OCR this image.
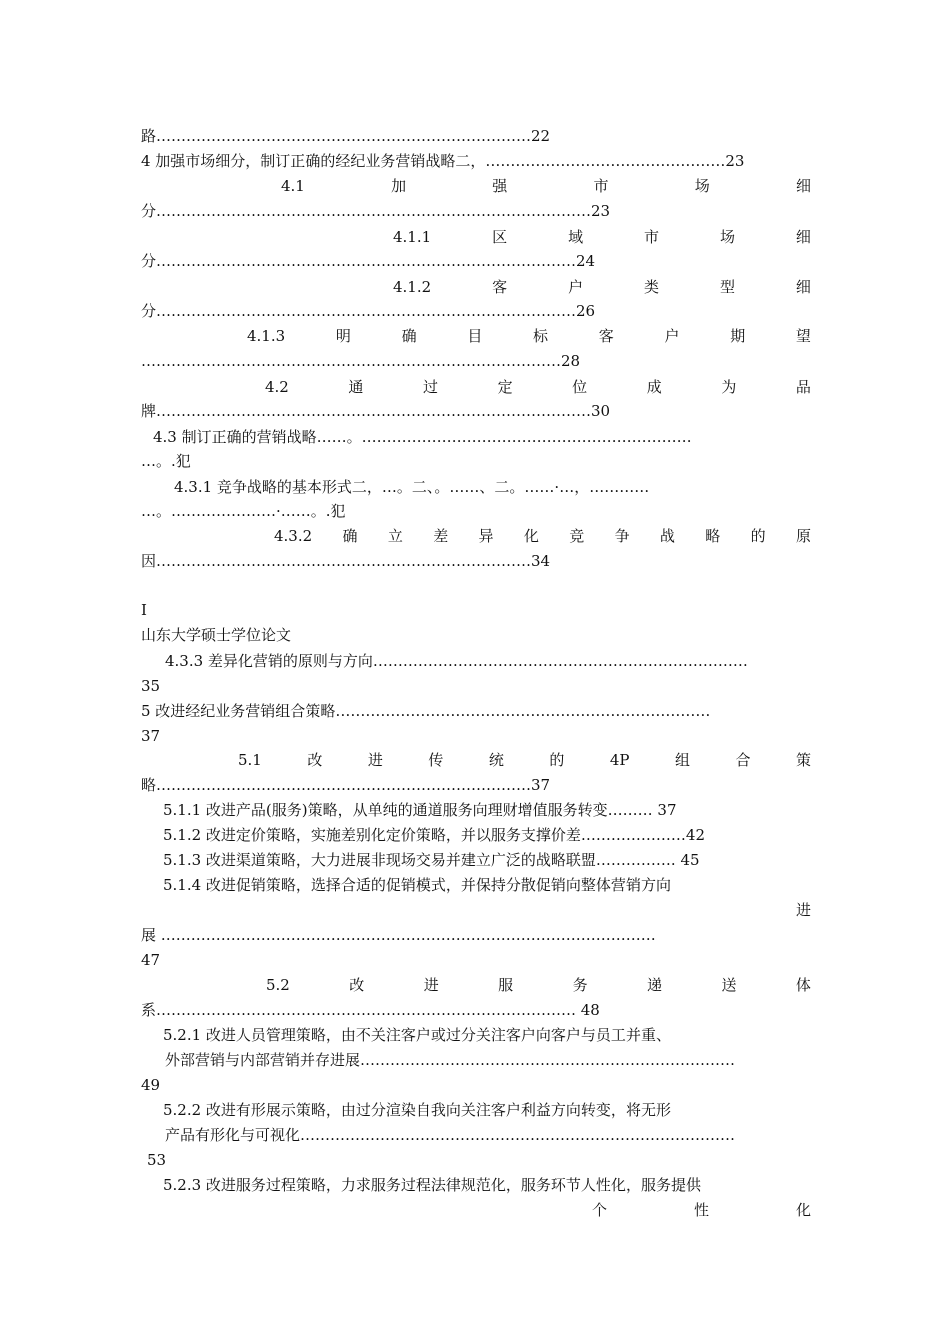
路…………………………………………………………………22
4 加强市场细分，制订正确的经纪业务营销战略二，…………………………………………23
4.1	加	强	市	场	细
分……………………………………………………………………………23
4.1.1	区	域	市	场	细
分…………………………………………………………………………24
4.1.2	客	户	类	型	细
分…………………………………………………………………………26
4.1.3	明	确	目	标	客	户	期	望
…………………………………………………………………………28
4.2	通	过	定	位	成	为	品
牌……………………………………………………………………………30
4.3 制订正确的营销战略……。…………………………………………………………
…。.犯
4.3.1 竞争战略的基本形式二，…。二、。……、二。……·…，…………
…。…………………·……。.犯
4.3.2 确 立 差 异 化 竞 争 战 略 的 原
因…………………………………………………………………34
I
山东大学硕士学位论文
4.3.3 差异化营销的原则与方向…………………………………………………………………
35
5 改进经纪业务营销组合策略…………………………………………………………………
37
5.1	改	进	传	统	的	4P	组	合	策
略…………………………………………………………………37
5.1.1 改进产品(服务)策略，从单纯的通道服务向理财增值服务转变……… 37
5.1.2 改进定价策略，实施差别化定价策略，并以服务支撑价差…………………42
5.1.3 改进渠道策略，大力进展非现场交易并建立广泛的战略联盟……………. 45
5.1.4 改进促销策略，选择合适的促销模式，并保持分散促销向整体营销方向
进
展 ………………………………………………………………………………………
47
5.2	改	进	服	务	递	送	体
系………………………………………………………………………… 48
5.2.1 改进人员管理策略，由不关注客户或过分关注客户向客户与员工并重、
外部营销与内部营销并存进展…………………………………………………………………
49
5.2.2 改进有形展示策略，由过分渲染自我向关注客户利益方向转变，将无形
产品有形化与可视化……………………………………………………………………………
53
5.2.3 改进服务过程策略，力求服务过程法律规范化，服务环节人性化，服务提供
个	性	化
